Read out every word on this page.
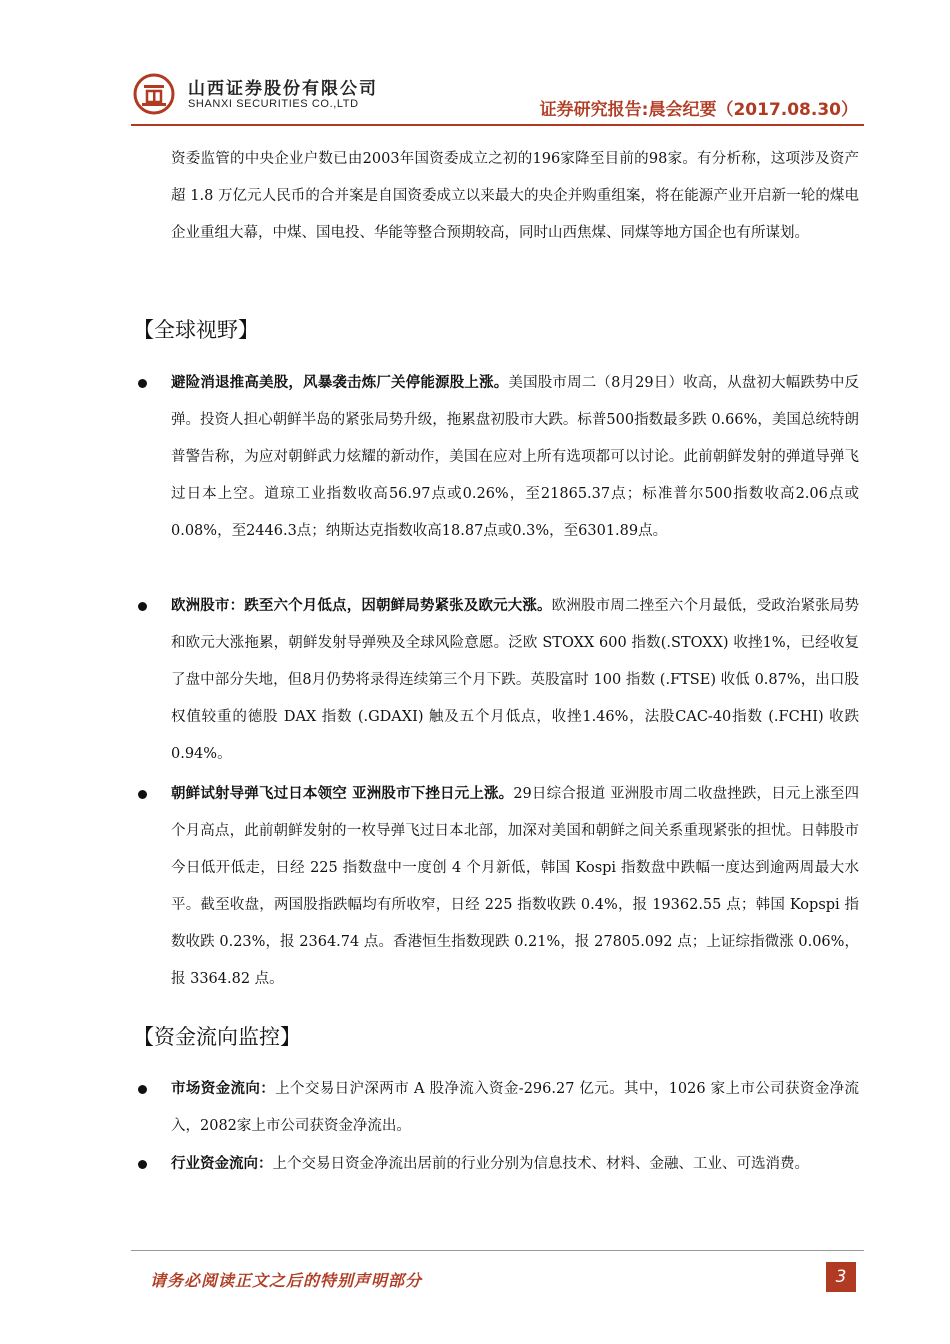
山西证券股份有限公司
SHANXI SECURITIES CO.,LTD	证券研究报告:晨会纪要（2017.08.30）
资委监管的中央企业户数已由2003年国资委成立之初的196家降至目前的98家。有分析称，这项涉及资产超 1.8 万亿元人民币的合并案是自国资委成立以来最大的央企并购重组案，将在能源产业开启新一轮的煤电企业重组大幕，中煤、国电投、华能等整合预期较高，同时山西焦煤、同煤等地方国企也有所谋划。
【全球视野】
避险消退推高美股，风暴袭击炼厂关停能源股上涨。美国股市周二（8月29日）收高，从盘初大幅跌势中反弹。投资人担心朝鲜半岛的紧张局势升级，拖累盘初股市大跌。标普500指数最多跌 0.66%，美国总统特朗普警告称，为应对朝鲜武力炫耀的新动作，美国在应对上所有选项都可以讨论。此前朝鲜发射的弹道导弹飞过日本上空。道琼工业指数收高56.97点或0.26%，至21865.37点；标准普尔500指数收高2.06点或0.08%，至2446.3点；纳斯达克指数收高18.87点或0.3%，至6301.89点。
欧洲股市：跌至六个月低点，因朝鲜局势紧张及欧元大涨。欧洲股市周二挫至六个月最低，受政治紧张局势和欧元大涨拖累，朝鲜发射导弹殃及全球风险意愿。泛欧 STOXX 600 指数(.STOXX) 收挫1%，已经收复了盘中部分失地，但8月仍势将录得连续第三个月下跌。英股富时 100 指数 (.FTSE) 收低 0.87%，出口股权值较重的德股 DAX 指数 (.GDAXI) 触及五个月低点，收挫1.46%，法股CAC-40指数 (.FCHI) 收跌0.94%。
朝鲜试射导弹飞过日本领空 亚洲股市下挫日元上涨。29日综合报道 亚洲股市周二收盘挫跌，日元上涨至四个月高点，此前朝鲜发射的一枚导弹飞过日本北部，加深对美国和朝鲜之间关系重现紧张的担忧。日韩股市今日低开低走，日经 225 指数盘中一度创 4 个月新低，韩国 Kospi 指数盘中跌幅一度达到逾两周最大水平。截至收盘，两国股指跌幅均有所收窄，日经 225 指数收跌 0.4%，报 19362.55 点；韩国 Kopspi 指数收跌 0.23%，报 2364.74 点。香港恒生指数现跌 0.21%，报 27805.092 点；上证综指微涨 0.06%，报 3364.82 点。
【资金流向监控】
市场资金流向：上个交易日沪深两市 A 股净流入资金-296.27 亿元。其中，1026 家上市公司获资金净流入，2082家上市公司获资金净流出。
行业资金流向：上个交易日资金净流出居前的行业分别为信息技术、材料、金融、工业、可选消费。
请务必阅读正文之后的特别声明部分	3
